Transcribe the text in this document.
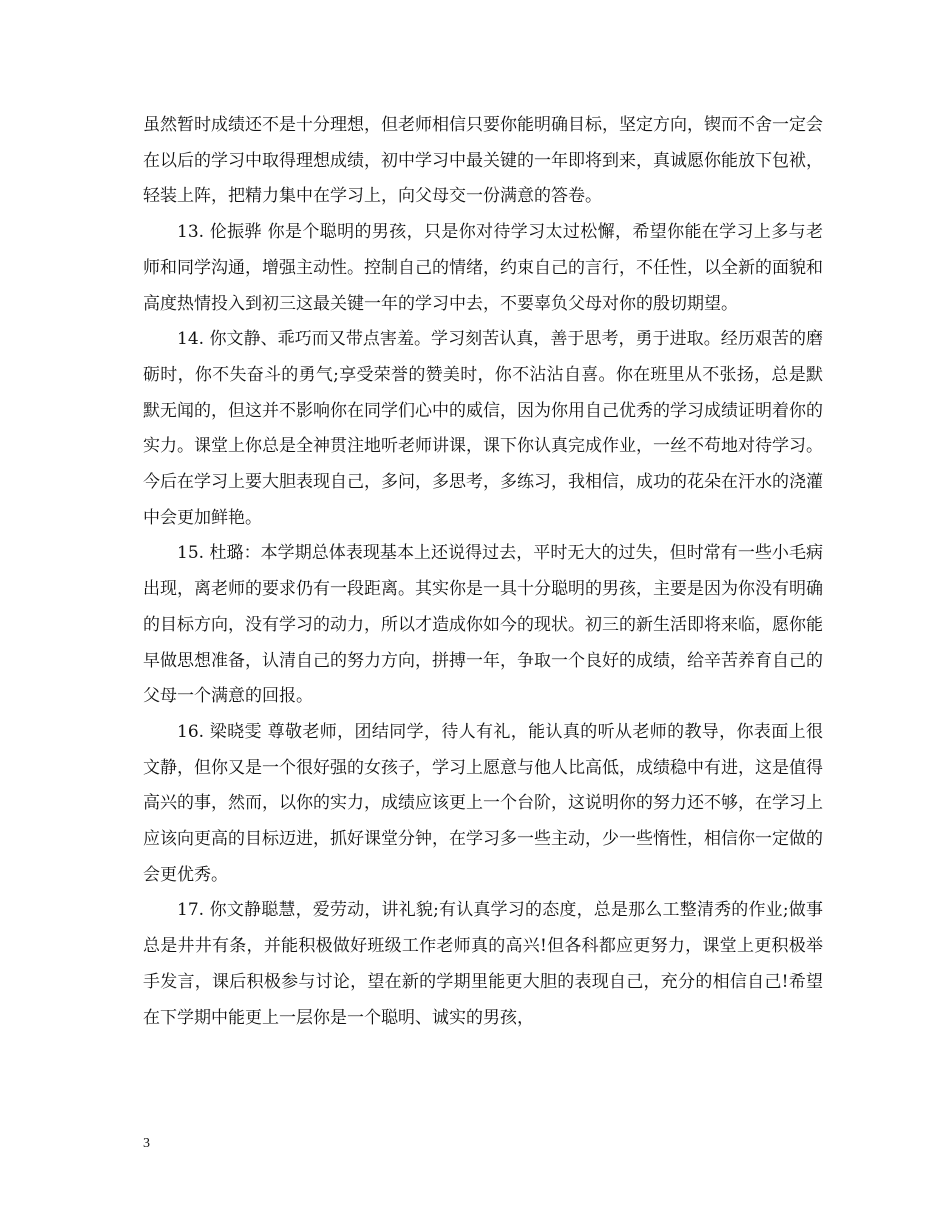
虽然暂时成绩还不是十分理想，但老师相信只要你能明确目标，坚定方向，锲而不舍一定会在以后的学习中取得理想成绩，初中学习中最关键的一年即将到来，真诚愿你能放下包袱，轻装上阵，把精力集中在学习上，向父母交一份满意的答卷。

13. 伦振骅 你是个聪明的男孩，只是你对待学习太过松懈，希望你能在学习上多与老师和同学沟通，增强主动性。控制自己的情绪，约束自己的言行，不任性，以全新的面貌和高度热情投入到初三这最关键一年的学习中去，不要辜负父母对你的殷切期望。

14. 你文静、乖巧而又带点害羞。学习刻苦认真，善于思考，勇于进取。经历艰苦的磨砺时，你不失奋斗的勇气;享受荣誉的赞美时，你不沾沾自喜。你在班里从不张扬，总是默默无闻的，但这并不影响你在同学们心中的威信，因为你用自己优秀的学习成绩证明着你的实力。课堂上你总是全神贯注地听老师讲课，课下你认真完成作业，一丝不苟地对待学习。今后在学习上要大胆表现自己，多问，多思考，多练习，我相信，成功的花朵在汗水的浇灌中会更加鲜艳。

15. 杜璐：本学期总体表现基本上还说得过去，平时无大的过失，但时常有一些小毛病出现，离老师的要求仍有一段距离。其实你是一具十分聪明的男孩，主要是因为你没有明确的目标方向，没有学习的动力，所以才造成你如今的现状。初三的新生活即将来临，愿你能早做思想准备，认清自己的努力方向，拼搏一年，争取一个良好的成绩，给辛苦养育自己的父母一个满意的回报。

16. 梁晓雯 尊敬老师，团结同学，待人有礼，能认真的听从老师的教导，你表面上很文静，但你又是一个很好强的女孩子，学习上愿意与他人比高低，成绩稳中有进，这是值得高兴的事，然而，以你的实力，成绩应该更上一个台阶，这说明你的努力还不够，在学习上应该向更高的目标迈进，抓好课堂分钟，在学习多一些主动，少一些惰性，相信你一定做的会更优秀。

17. 你文静聪慧，爱劳动，讲礼貌;有认真学习的态度，总是那么工整清秀的作业;做事总是井井有条，并能积极做好班级工作老师真的高兴!但各科都应更努力，课堂上更积极举手发言，课后积极参与讨论，望在新的学期里能更大胆的表现自己，充分的相信自己!希望在下学期中能更上一层你是一个聪明、诚实的男孩，

3
